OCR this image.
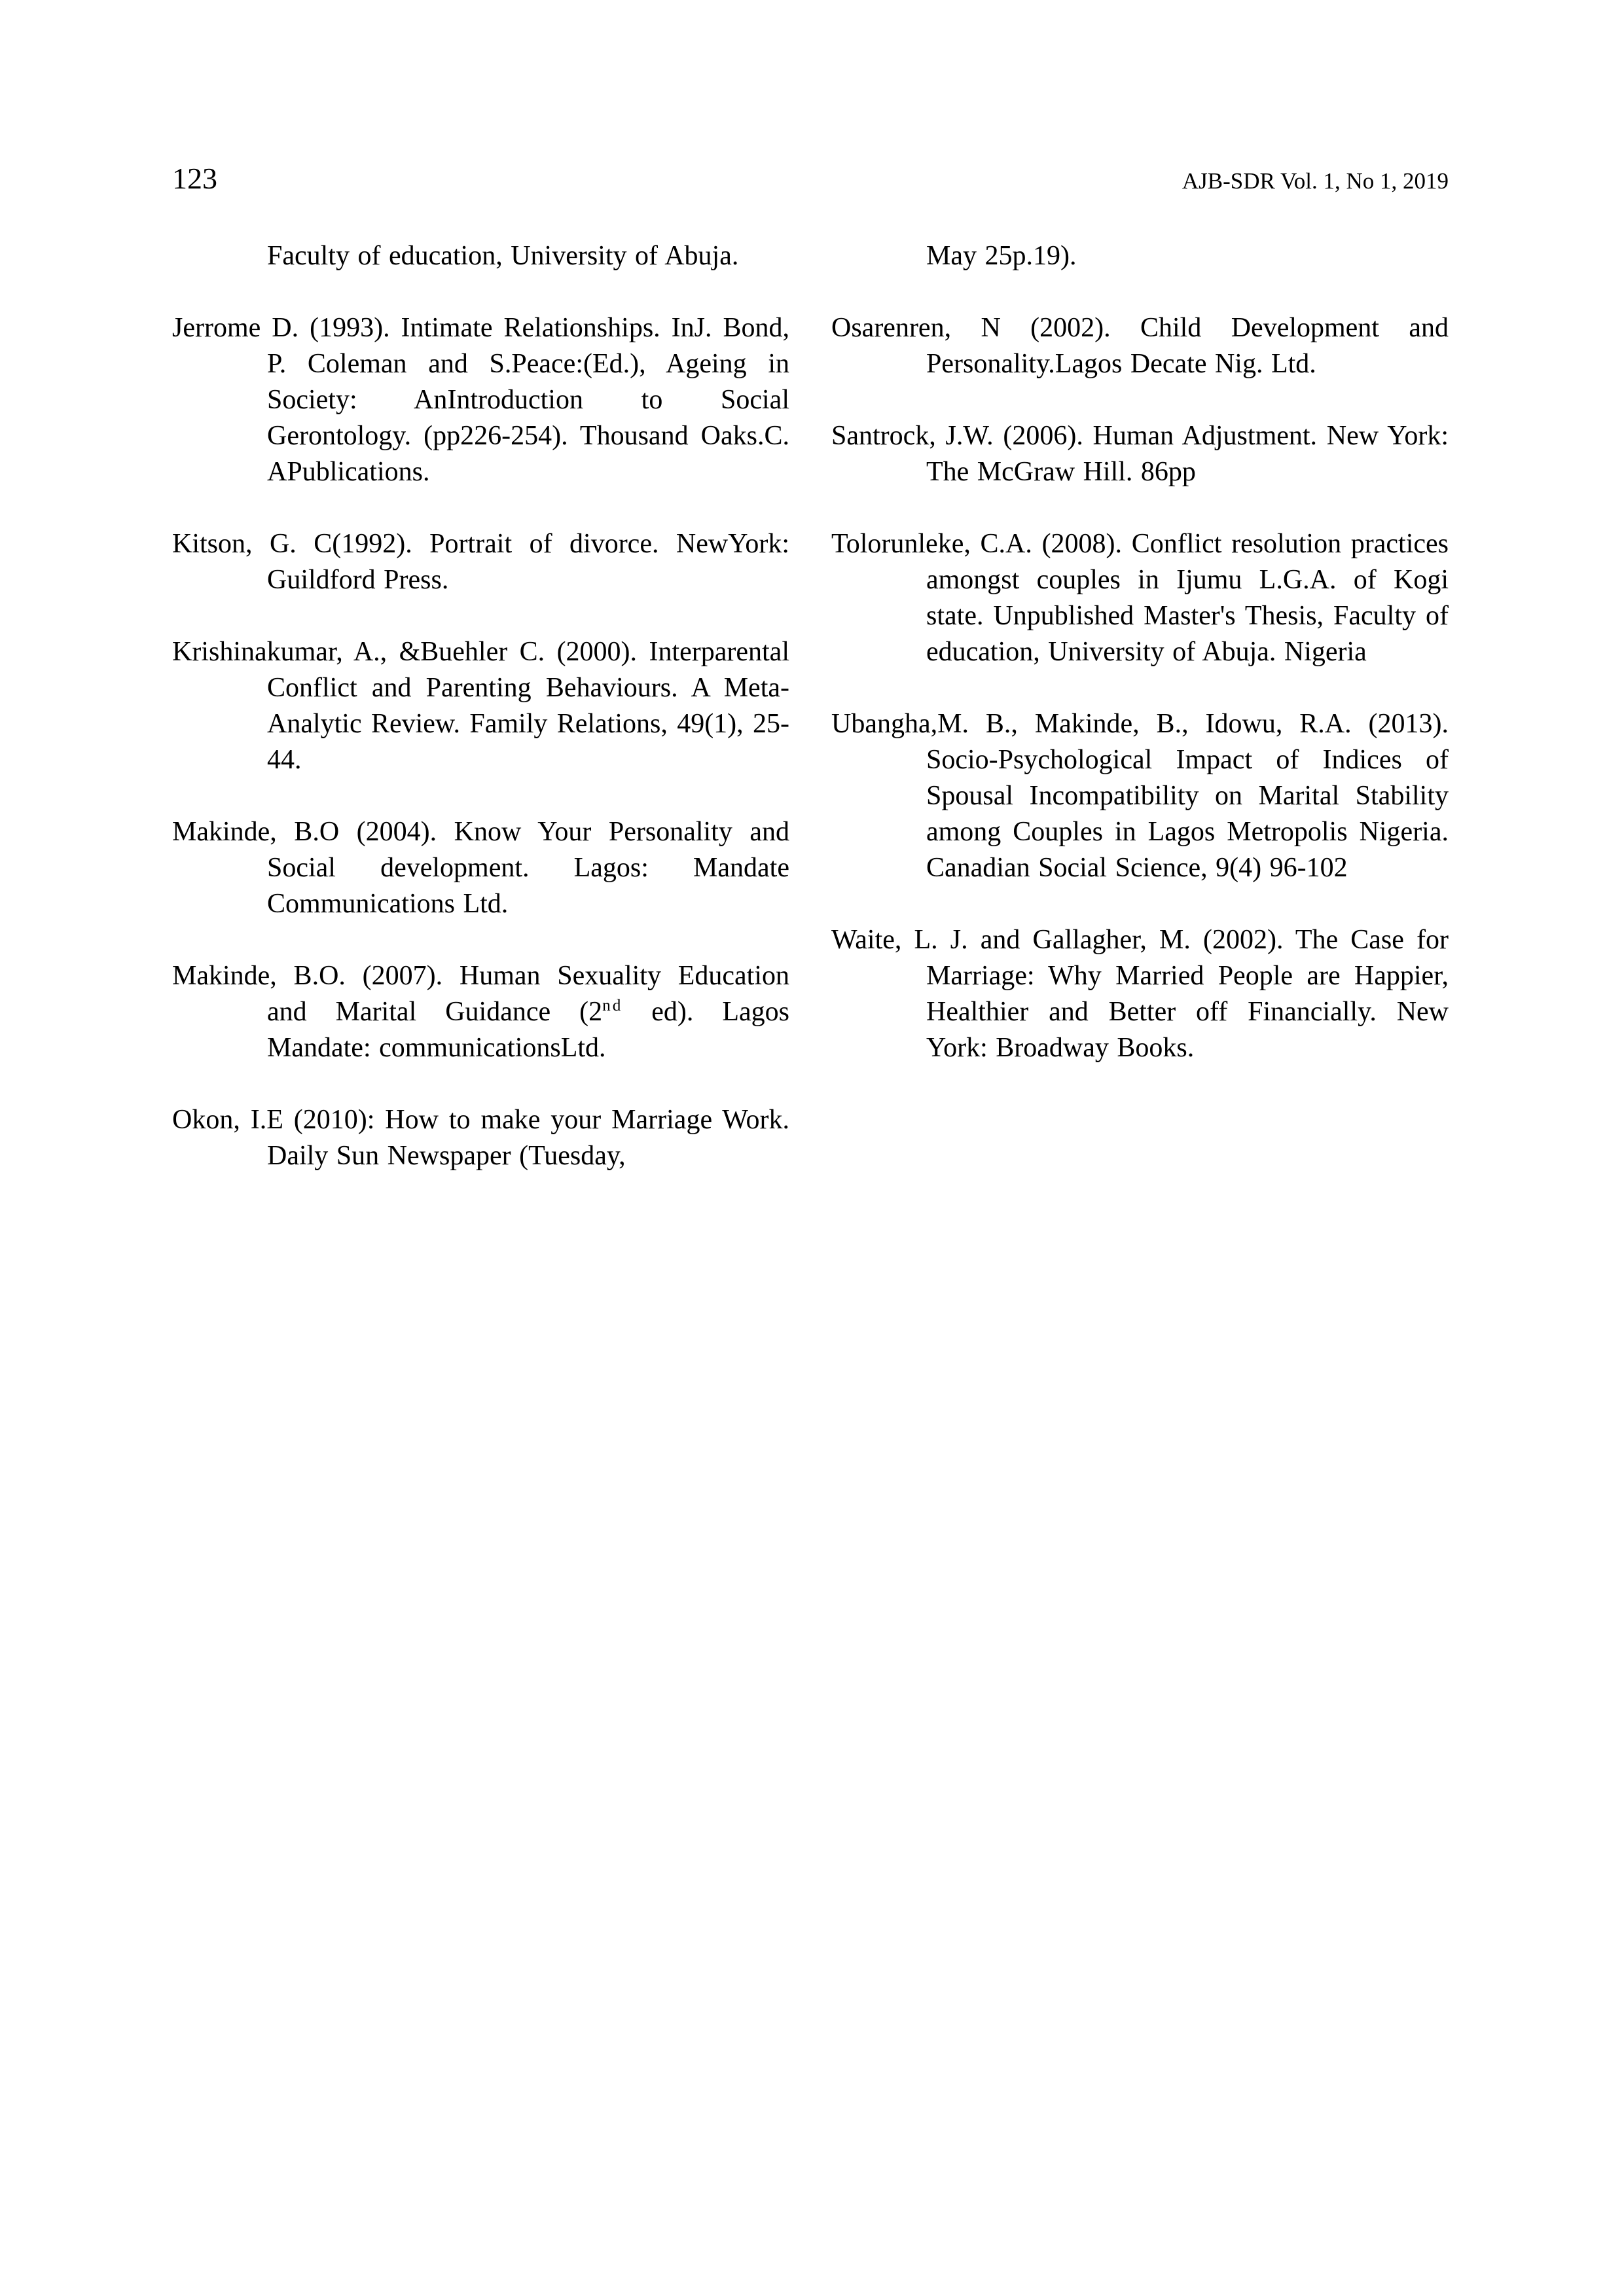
123	AJB-SDR Vol. 1, No 1, 2019

Faculty of education, University of Abuja.

Jerrome D. (1993). Intimate Relationships. InJ. Bond, P. Coleman and S.Peace:(Ed.), Ageing in Society: AnIntroduction to Social Gerontology. (pp226-254). Thousand Oaks.C. APublications.

Kitson, G. C(1992). Portrait of divorce. NewYork: Guildford Press.

Krishinakumar, A., &Buehler C. (2000). Interparental Conflict and Parenting Behaviours. A Meta-Analytic Review. Family Relations, 49(1), 25-44.

Makinde, B.O (2004). Know Your Personality and Social development. Lagos: Mandate Communications Ltd.

Makinde, B.O. (2007). Human Sexuality Education and Marital Guidance (2nd ed). Lagos Mandate: communicationsLtd.

Okon, I.E (2010): How to make your Marriage Work. Daily Sun Newspaper (Tuesday,

May 25p.19).

Osarenren, N (2002). Child Development and Personality.Lagos Decate Nig. Ltd.

Santrock, J.W. (2006). Human Adjustment. New York: The McGraw Hill. 86pp

Tolorunleke, C.A. (2008). Conflict resolution practices amongst couples in Ijumu L.G.A. of Kogi state. Unpublished Master's Thesis, Faculty of education, University of Abuja. Nigeria

Ubangha,M. B., Makinde, B., Idowu, R.A. (2013). Socio-Psychological Impact of Indices of Spousal Incompatibility on Marital Stability among Couples in Lagos Metropolis Nigeria. Canadian Social Science, 9(4) 96-102

Waite, L. J. and Gallagher, M. (2002). The Case for Marriage: Why Married People are Happier, Healthier and Better off Financially. New York: Broadway Books.
